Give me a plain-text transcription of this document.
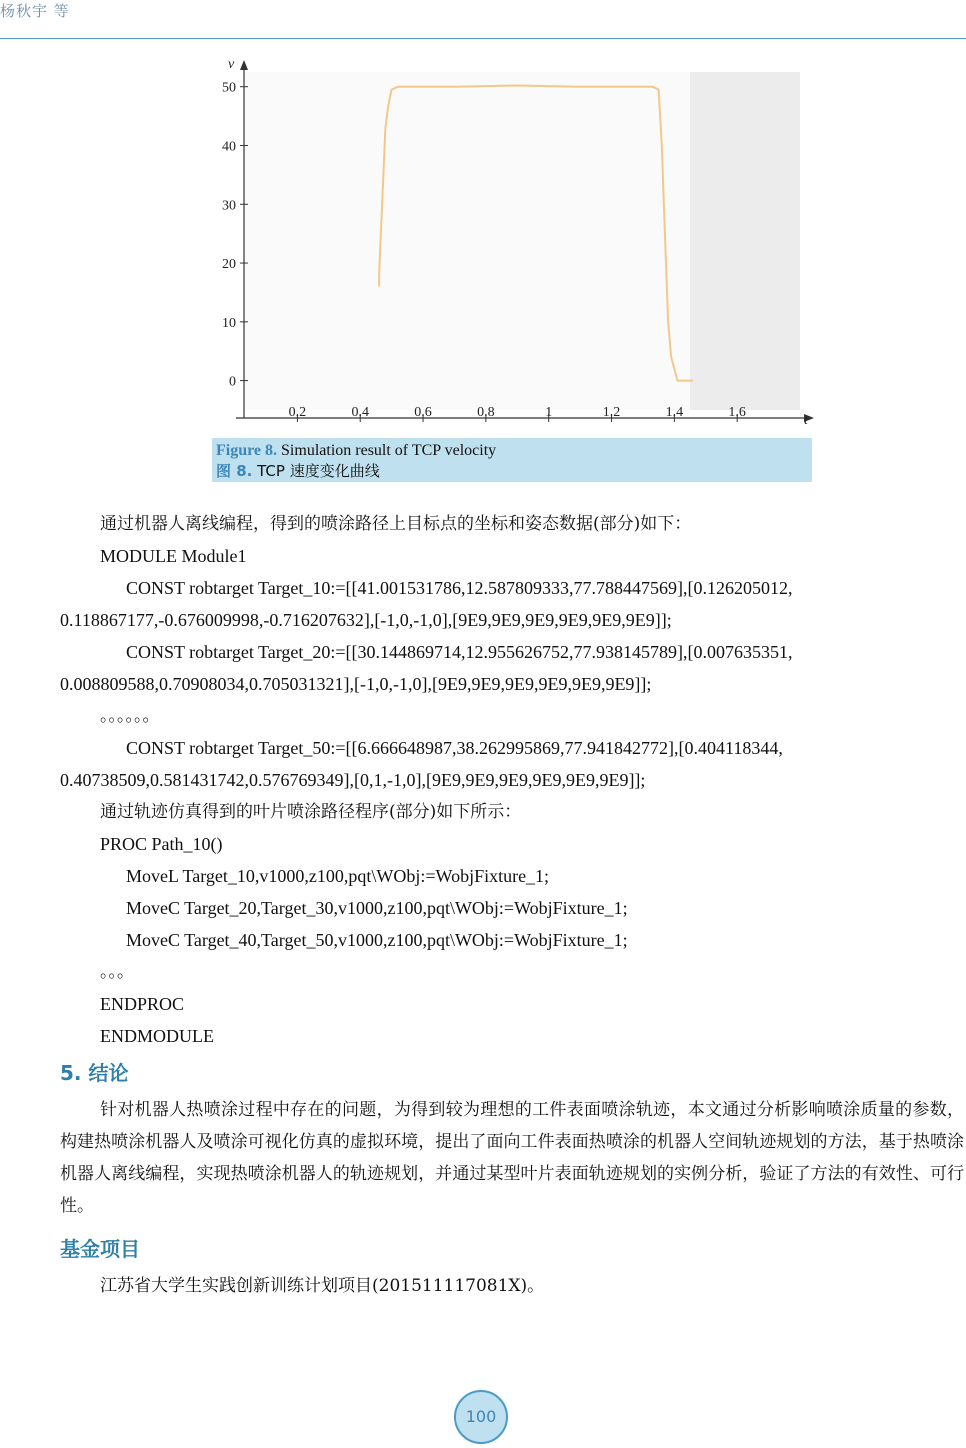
杨秋宇 等
0
10
20
30
40
50
0.2	0.4	0.6	0.8	1	1.2	1.4	1.6
t
v
Figure 8. Simulation result of TCP velocity
图 8. TCP 速度变化曲线
通过机器人离线编程，得到的喷涂路径上目标点的坐标和姿态数据(部分)如下：
MODULE Module1
CONST robtarget Target_10:=[[41.001531786,12.587809333,77.788447569],[0.126205012,
0.118867177,-0.676009998,-0.716207632],[-1,0,-1,0],[9E9,9E9,9E9,9E9,9E9,9E9]];
CONST robtarget Target_20:=[[30.144869714,12.955626752,77.938145789],[0.007635351,
0.008809588,0.70908034,0.705031321],[-1,0,-1,0],[9E9,9E9,9E9,9E9,9E9,9E9]];
。。。。。。
CONST robtarget Target_50:=[[6.666648987,38.262995869,77.941842772],[0.404118344,
0.40738509,0.581431742,0.576769349],[0,1,-1,0],[9E9,9E9,9E9,9E9,9E9,9E9]];
通过轨迹仿真得到的叶片喷涂路径程序(部分)如下所示：
PROC Path_10()
MoveL Target_10,v1000,z100,pqt\WObj:=WobjFixture_1;
MoveC Target_20,Target_30,v1000,z100,pqt\WObj:=WobjFixture_1;
MoveC Target_40,Target_50,v1000,z100,pqt\WObj:=WobjFixture_1;
。。。
ENDPROC
ENDMODULE
5. 结论
针对机器人热喷涂过程中存在的问题，为得到较为理想的工件表面喷涂轨迹，本文通过分析影响喷涂质量的参数，构建热喷涂机器人及喷涂可视化仿真的虚拟环境，提出了面向工件表面热喷涂的机器人空间轨迹规划的方法，基于热喷涂机器人离线编程，实现热喷涂机器人的轨迹规划，并通过某型叶片表面轨迹规划的实例分析，验证了方法的有效性、可行性。
基金项目
江苏省大学生实践创新训练计划项目(201511117081X)。
100
